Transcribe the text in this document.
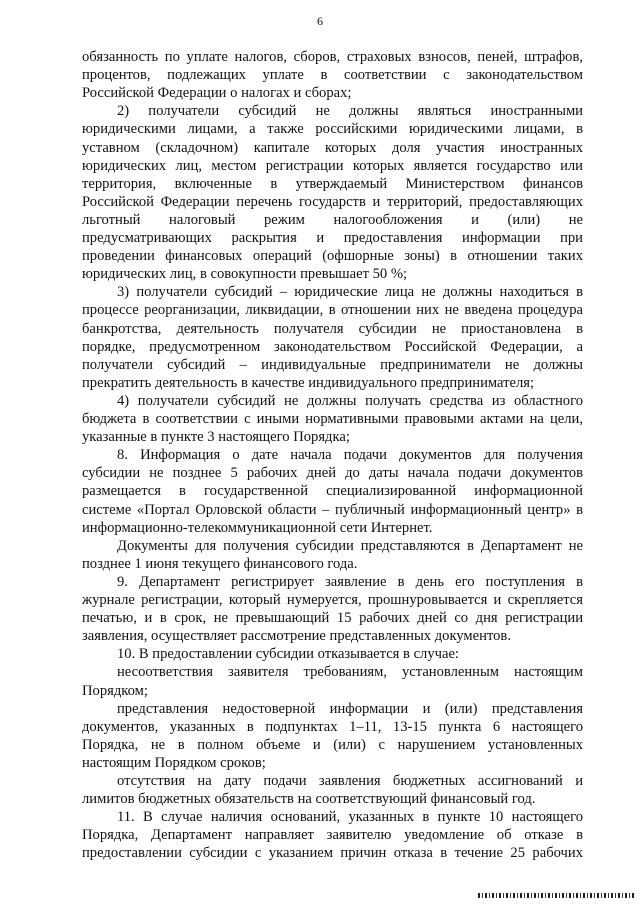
6
обязанность по уплате налогов, сборов, страховых взносов, пеней, штрафов,
процентов, подлежащих уплате в соответствии с законодательством
Российской Федерации о налогах и сборах;
2) получатели субсидий не должны являться иностранными
юридическими лицами, а также российскими юридическими лицами, в
уставном (складочном) капитале которых доля участия иностранных
юридических лиц, местом регистрации которых является государство или
территория, включенные в утверждаемый Министерством финансов
Российской Федерации перечень государств и территорий, предоставляющих
льготный налоговый режим налогообложения и (или) не
предусматривающих раскрытия и предоставления информации при
проведении финансовых операций (офшорные зоны) в отношении таких
юридических лиц, в совокупности превышает 50 %;
3) получатели субсидий – юридические лица не должны находиться в
процессе реорганизации, ликвидации, в отношении них не введена процедура
банкротства, деятельность получателя субсидии не приостановлена в
порядке, предусмотренном законодательством Российской Федерации, а
получатели субсидий – индивидуальные предприниматели не должны
прекратить деятельность в качестве индивидуального предпринимателя;
4) получатели субсидий не должны получать средства из областного
бюджета в соответствии с иными нормативными правовыми актами на цели,
указанные в пункте 3 настоящего Порядка;
8. Информация о дате начала подачи документов для получения
субсидии не позднее 5 рабочих дней до даты начала подачи документов
размещается в государственной специализированной информационной
системе «Портал Орловской области – публичный информационный центр» в
информационно-телекоммуникационной сети Интернет.
Документы для получения субсидии представляются в Департамент не
позднее 1 июня текущего финансового года.
9. Департамент регистрирует заявление в день его поступления в
журнале регистрации, который нумеруется, прошнуровывается и скрепляется
печатью, и в срок, не превышающий 15 рабочих дней со дня регистрации
заявления, осуществляет рассмотрение представленных документов.
10. В предоставлении субсидии отказывается в случае:
несоответствия заявителя требованиям, установленным настоящим
Порядком;
представления недостоверной информации и (или) представления
документов, указанных в подпунктах 1–11, 13-15 пункта 6 настоящего
Порядка, не в полном объеме и (или) с нарушением установленных
настоящим Порядком сроков;
отсутствия на дату подачи заявления бюджетных ассигнований и
лимитов бюджетных обязательств на соответствующий финансовый год.
11. В случае наличия оснований, указанных в пункте 10 настоящего
Порядка, Департамент направляет заявителю уведомление об отказе в
предоставлении субсидии с указанием причин отказа в течение 25 рабочих
